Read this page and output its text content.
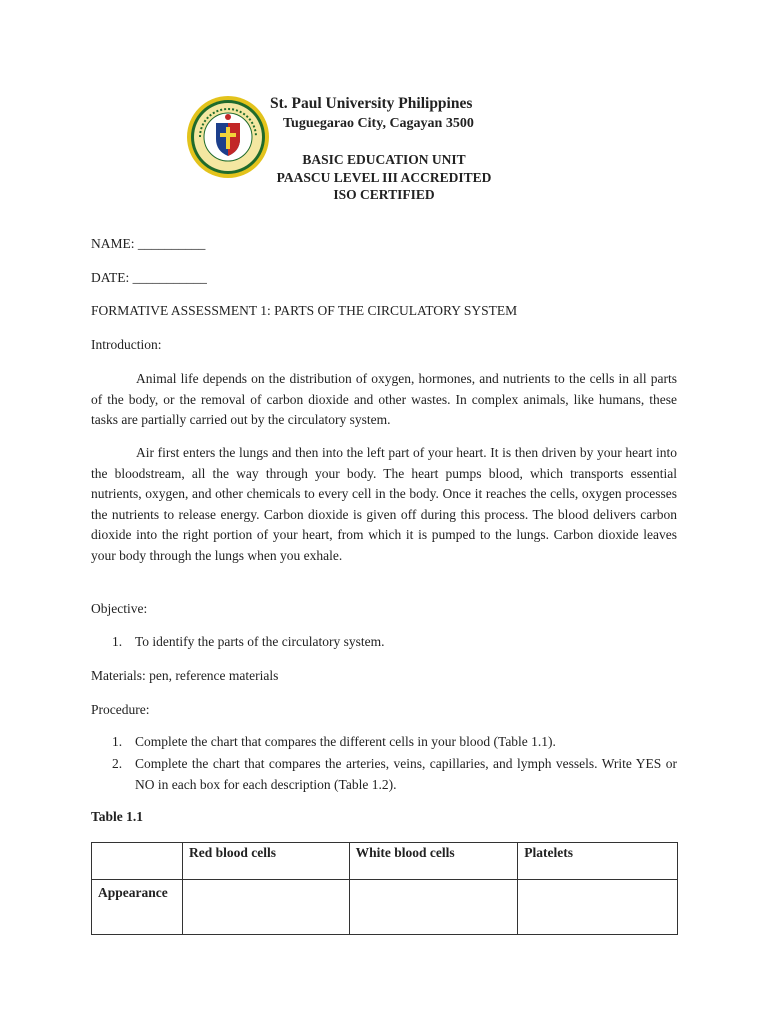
St. Paul University Philippines
Tuguegarao City, Cagayan 3500
BASIC EDUCATION UNIT
PAASCU LEVEL III ACCREDITED
ISO CERTIFIED
NAME: __________
DATE: ___________
FORMATIVE ASSESSMENT 1: PARTS OF THE CIRCULATORY SYSTEM
Introduction:
Animal life depends on the distribution of oxygen, hormones, and nutrients to the cells in all parts of the body, or the removal of carbon dioxide and other wastes. In complex animals, like humans, these tasks are partially carried out by the circulatory system.
Air first enters the lungs and then into the left part of your heart. It is then driven by your heart into the bloodstream, all the way through your body. The heart pumps blood, which transports essential nutrients, oxygen, and other chemicals to every cell in the body. Once it reaches the cells, oxygen processes the nutrients to release energy. Carbon dioxide is given off during this process. The blood delivers carbon dioxide into the right portion of your heart, from which it is pumped to the lungs. Carbon dioxide leaves your body through the lungs when you exhale.
Objective:
1. To identify the parts of the circulatory system.
Materials: pen, reference materials
Procedure:
1. Complete the chart that compares the different cells in your blood (Table 1.1).
2. Complete the chart that compares the arteries, veins, capillaries, and lymph vessels. Write YES or NO in each box for each description (Table 1.2).
Table 1.1
	Red blood cells	White blood cells	Platelets
Appearance			
